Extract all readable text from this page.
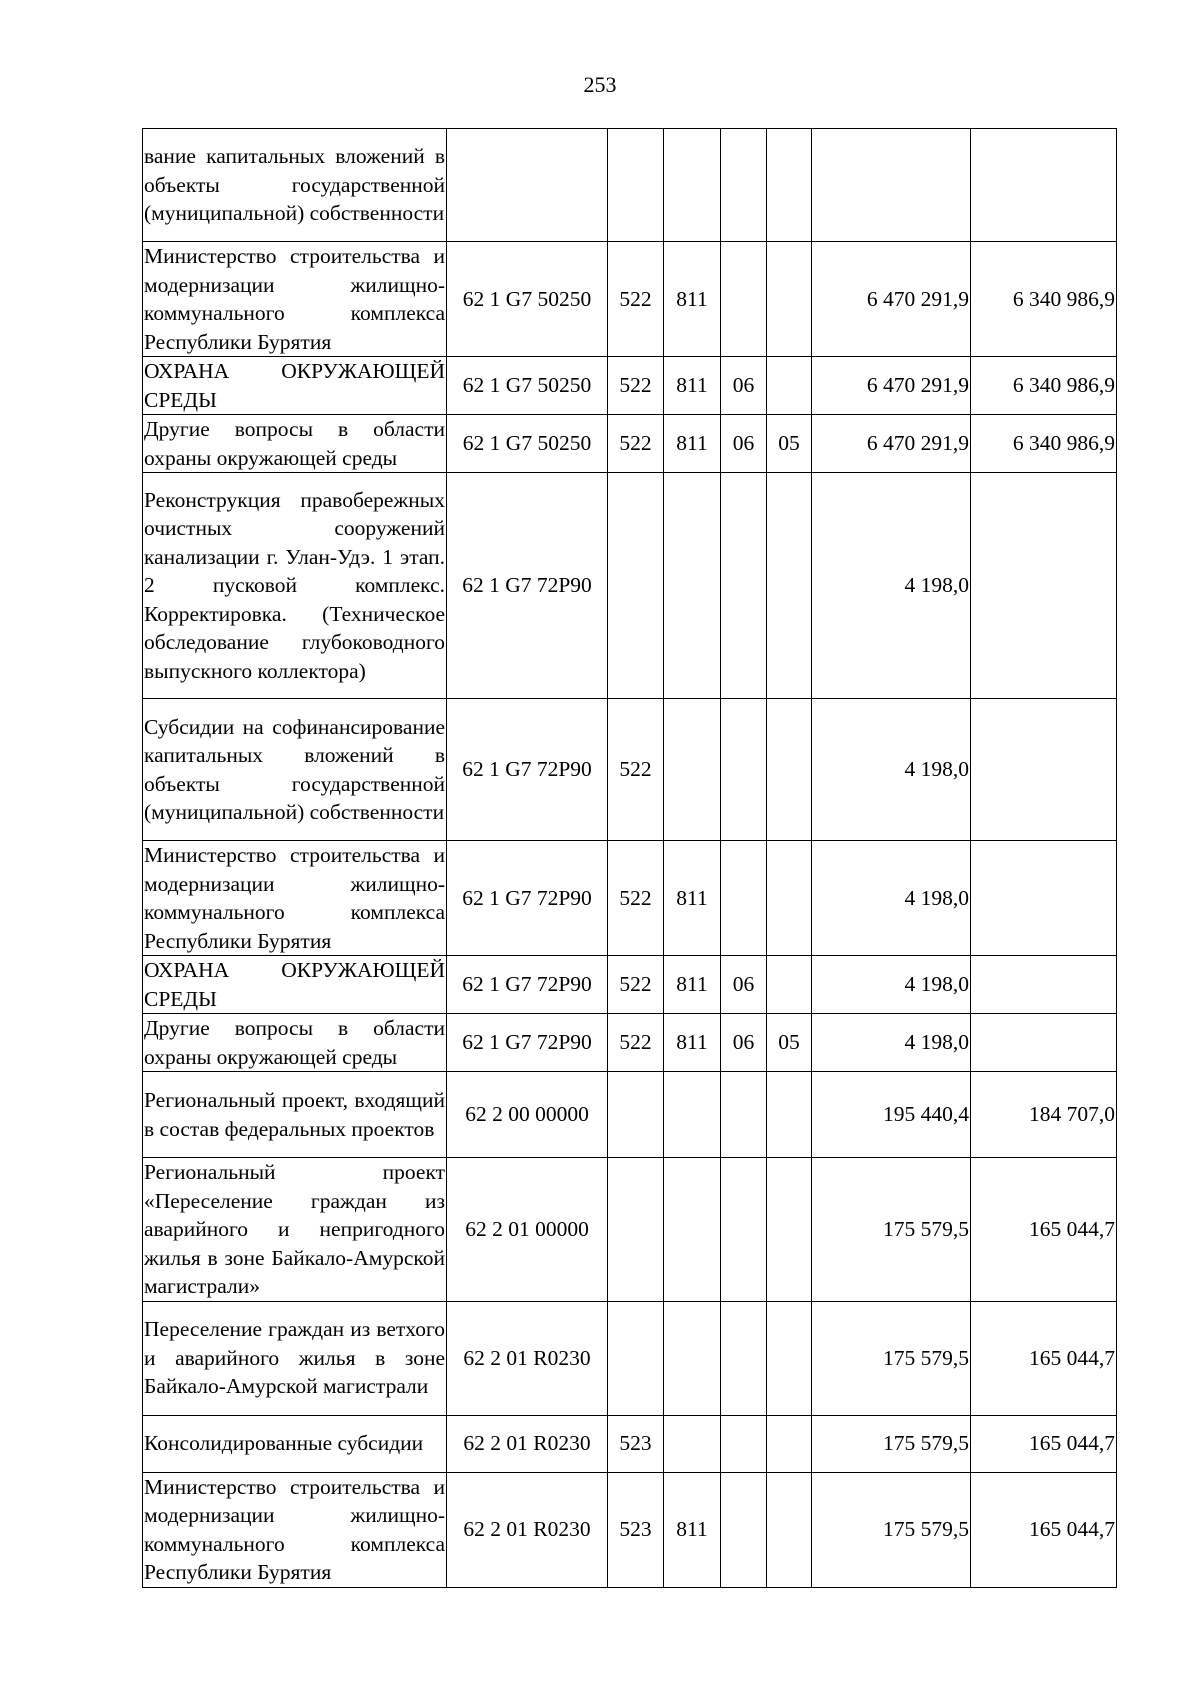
253
вание капитальных вложений в объекты государственной (муниципальной) собственности							
Министерство строительства и модернизации жилищно-коммунального комплекса Республики Бурятия	62 1 G7 50250	522	811			6 470 291,9	6 340 986,9
ОХРАНА ОКРУЖАЮЩЕЙ СРЕДЫ	62 1 G7 50250	522	811	06		6 470 291,9	6 340 986,9
Другие вопросы в области охраны окружающей среды	62 1 G7 50250	522	811	06	05	6 470 291,9	6 340 986,9
Реконструкция правобережных очистных сооружений канализации г. Улан-Удэ. 1 этап. 2 пусковой комплекс. Корректировка. (Техническое обследование глубоководного выпускного коллектора)	62 1 G7 72P90					4 198,0	
Субсидии на софинансирование капитальных вложений в объекты государственной (муниципальной) собственности	62 1 G7 72P90	522				4 198,0	
Министерство строительства и модернизации жилищно-коммунального комплекса Республики Бурятия	62 1 G7 72P90	522	811			4 198,0	
ОХРАНА ОКРУЖАЮЩЕЙ СРЕДЫ	62 1 G7 72P90	522	811	06		4 198,0	
Другие вопросы в области охраны окружающей среды	62 1 G7 72P90	522	811	06	05	4 198,0	
Региональный проект, входящий в состав федеральных проектов	62 2 00 00000					195 440,4	184 707,0
Региональный проект «Переселение граждан из аварийного и непригодного жилья в зоне Байкало-Амурской магистрали»	62 2 01 00000					175 579,5	165 044,7
Переселение граждан из ветхого и аварийного жилья в зоне Байкало-Амурской магистрали	62 2 01 R0230					175 579,5	165 044,7
Консолидированные субсидии	62 2 01 R0230	523				175 579,5	165 044,7
Министерство строительства и модернизации жилищно-коммунального комплекса Республики Бурятия	62 2 01 R0230	523	811			175 579,5	165 044,7
